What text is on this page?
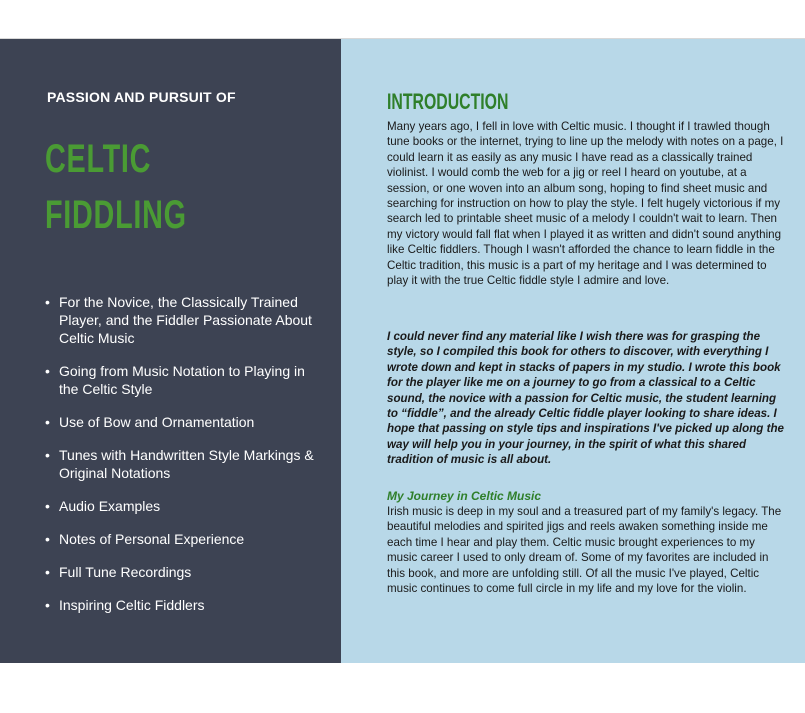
PASSION AND PURSUIT OF
CELTIC
FIDDLING
• For the Novice, the Classically Trained Player, and the Fiddler Passionate About Celtic Music
• Going from Music Notation to Playing in the Celtic Style
• Use of Bow and Ornamentation
• Tunes with Handwritten Style Markings & Original Notations
• Audio Examples
• Notes of Personal Experience
• Full Tune Recordings
• Inspiring Celtic Fiddlers
INTRODUCTION

Many years ago, I fell in love with Celtic music. I thought if I trawled though tune books or the internet, trying to line up the melody with notes on a page, I could learn it as easily as any music I have read as a classically trained violinist. I would comb the web for a jig or reel I heard on youtube, at a session, or one woven into an album song, hoping to find sheet music and searching for instruction on how to play the style. I felt hugely victorious if my search led to printable sheet music of a melody I couldn't wait to learn. Then my victory would fall flat when I played it as written and didn't sound anything like Celtic fiddlers. Though I wasn't afforded the chance to learn fiddle in the Celtic tradition, this music is a part of my heritage and I was determined to play it with the true Celtic fiddle style I admire and love.

I could never find any material like I wish there was for grasping the style, so I compiled this book for others to discover, with everything I wrote down and kept in stacks of papers in my studio. I wrote this book for the player like me on a journey to go from a classical to a Celtic sound, the novice with a passion for Celtic music, the student learning to “fiddle”, and the already Celtic fiddle player looking to share ideas. I hope that passing on style tips and inspirations I've picked up along the way will help you in your journey, in the spirit of what this shared tradition of music is all about.

My Journey in Celtic Music

Irish music is deep in my soul and a treasured part of my family's legacy. The beautiful melodies and spirited jigs and reels awaken something inside me each time I hear and play them. Celtic music brought experiences to my music career I used to only dream of. Some of my favorites are included in this book, and more are unfolding still. Of all the music I've played, Celtic music continues to come full circle in my life and my love for the violin.
